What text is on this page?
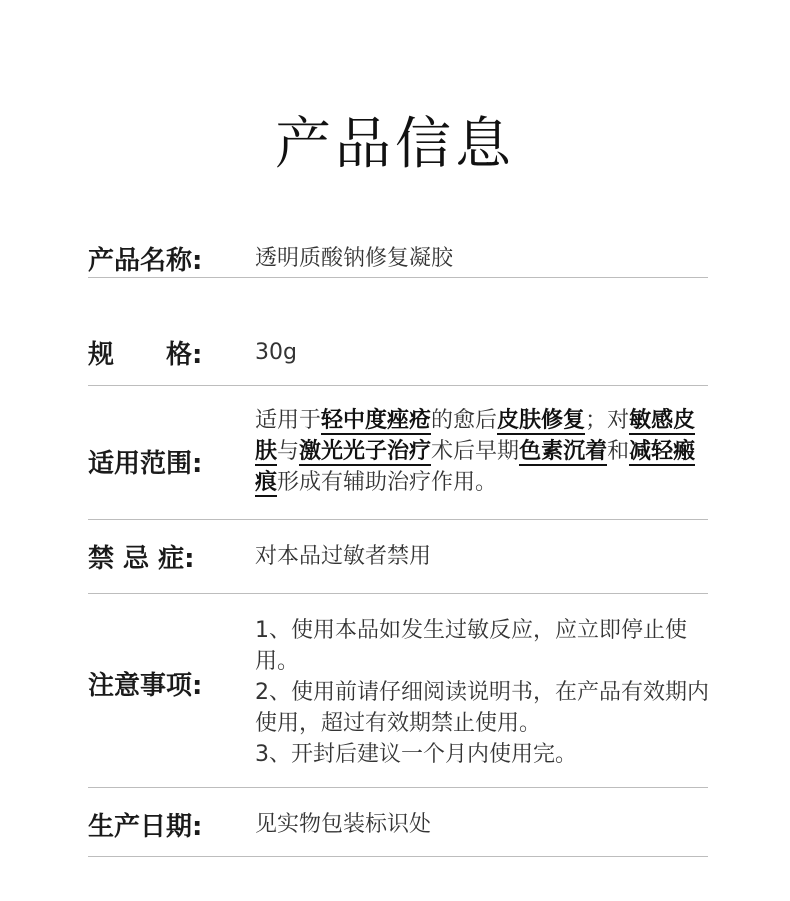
产品信息
产品名称: 透明质酸钠修复凝胶
规　　格: 30g
适用范围:
适用于轻中度痤疮的愈后皮肤修复；对敏感皮肤与激光光子治疗术后早期色素沉着和减轻瘢痕形成有辅助治疗作用。
禁 忌 症:	对本品过敏者禁用
注意事项:
1、使用本品如发生过敏反应，应立即停止使用。
2、使用前请仔细阅读说明书，在产品有效期内使用，超过有效期禁止使用。
3、开封后建议一个月内使用完。
生产日期: 见实物包装标识处
